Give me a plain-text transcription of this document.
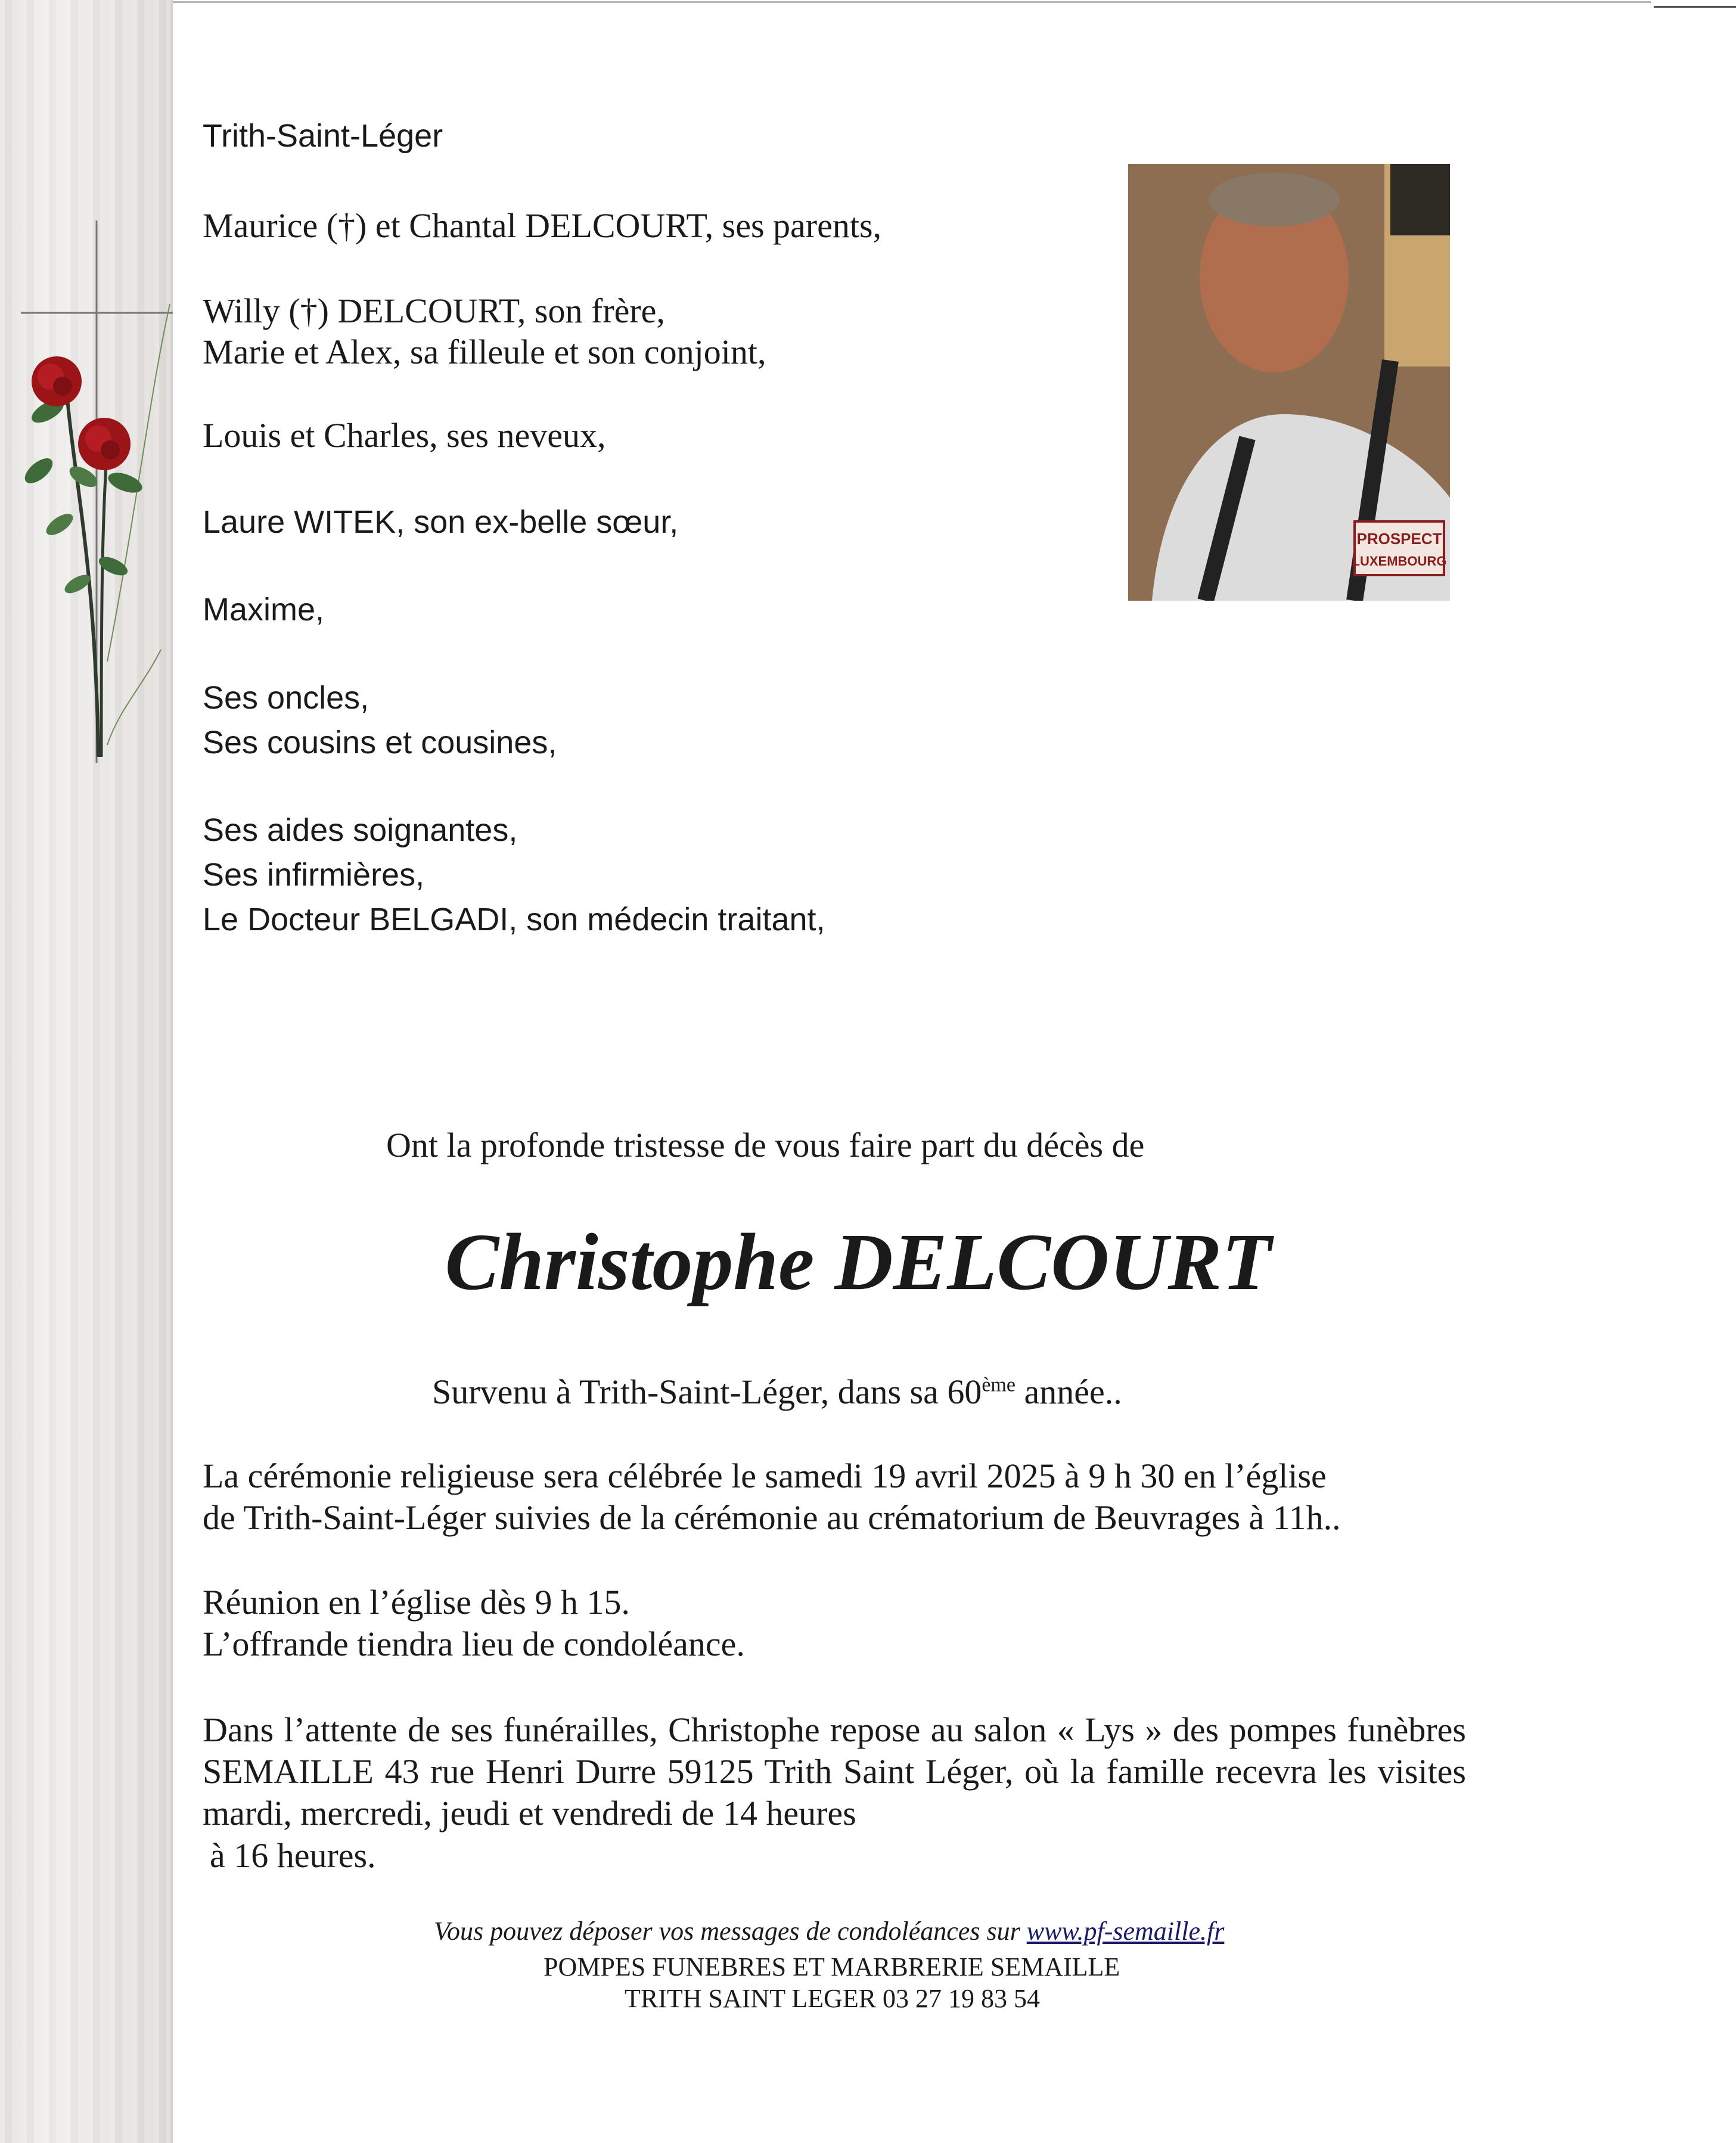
Trith-Saint-Léger

Maurice (†) et Chantal DELCOURT, ses parents,

Willy (†) DELCOURT, son frère,

Marie et Alex, sa filleule et son conjoint,

Louis et Charles, ses neveux,

Laure WITEK, son ex-belle sœur,

Maxime,

Ses oncles,

Ses cousins et cousines,

Ses aides soignantes,

Ses infirmières,

Le Docteur BELGADI, son médecin traitant,

PROSPECT
LUXEMBOURG

Ont la profonde tristesse de vous faire part du décès de

Christophe DELCOURT

Survenu à Trith-Saint-Léger, dans sa 60ème année..

La cérémonie religieuse sera célébrée le samedi 19 avril 2025 à 9 h 30 en l’église

de Trith-Saint-Léger suivies de la cérémonie au crématorium de Beuvrages à 11h..

Réunion en l’église dès 9 h 15.

L’offrande tiendra lieu de condoléance.

Dans l’attente de ses funérailles, Christophe repose au salon « Lys » des pompes funèbres SEMAILLE 43 rue Henri Durre 59125 Trith Saint Léger, où la famille recevra les visites mardi, mercredi, jeudi et vendredi de 14 heures

à 16 heures.

Vous pouvez déposer vos messages de condoléances sur www.pf-semaille.fr

POMPES FUNEBRES ET MARBRERIE SEMAILLE

TRITH SAINT LEGER 03 27 19 83 54
